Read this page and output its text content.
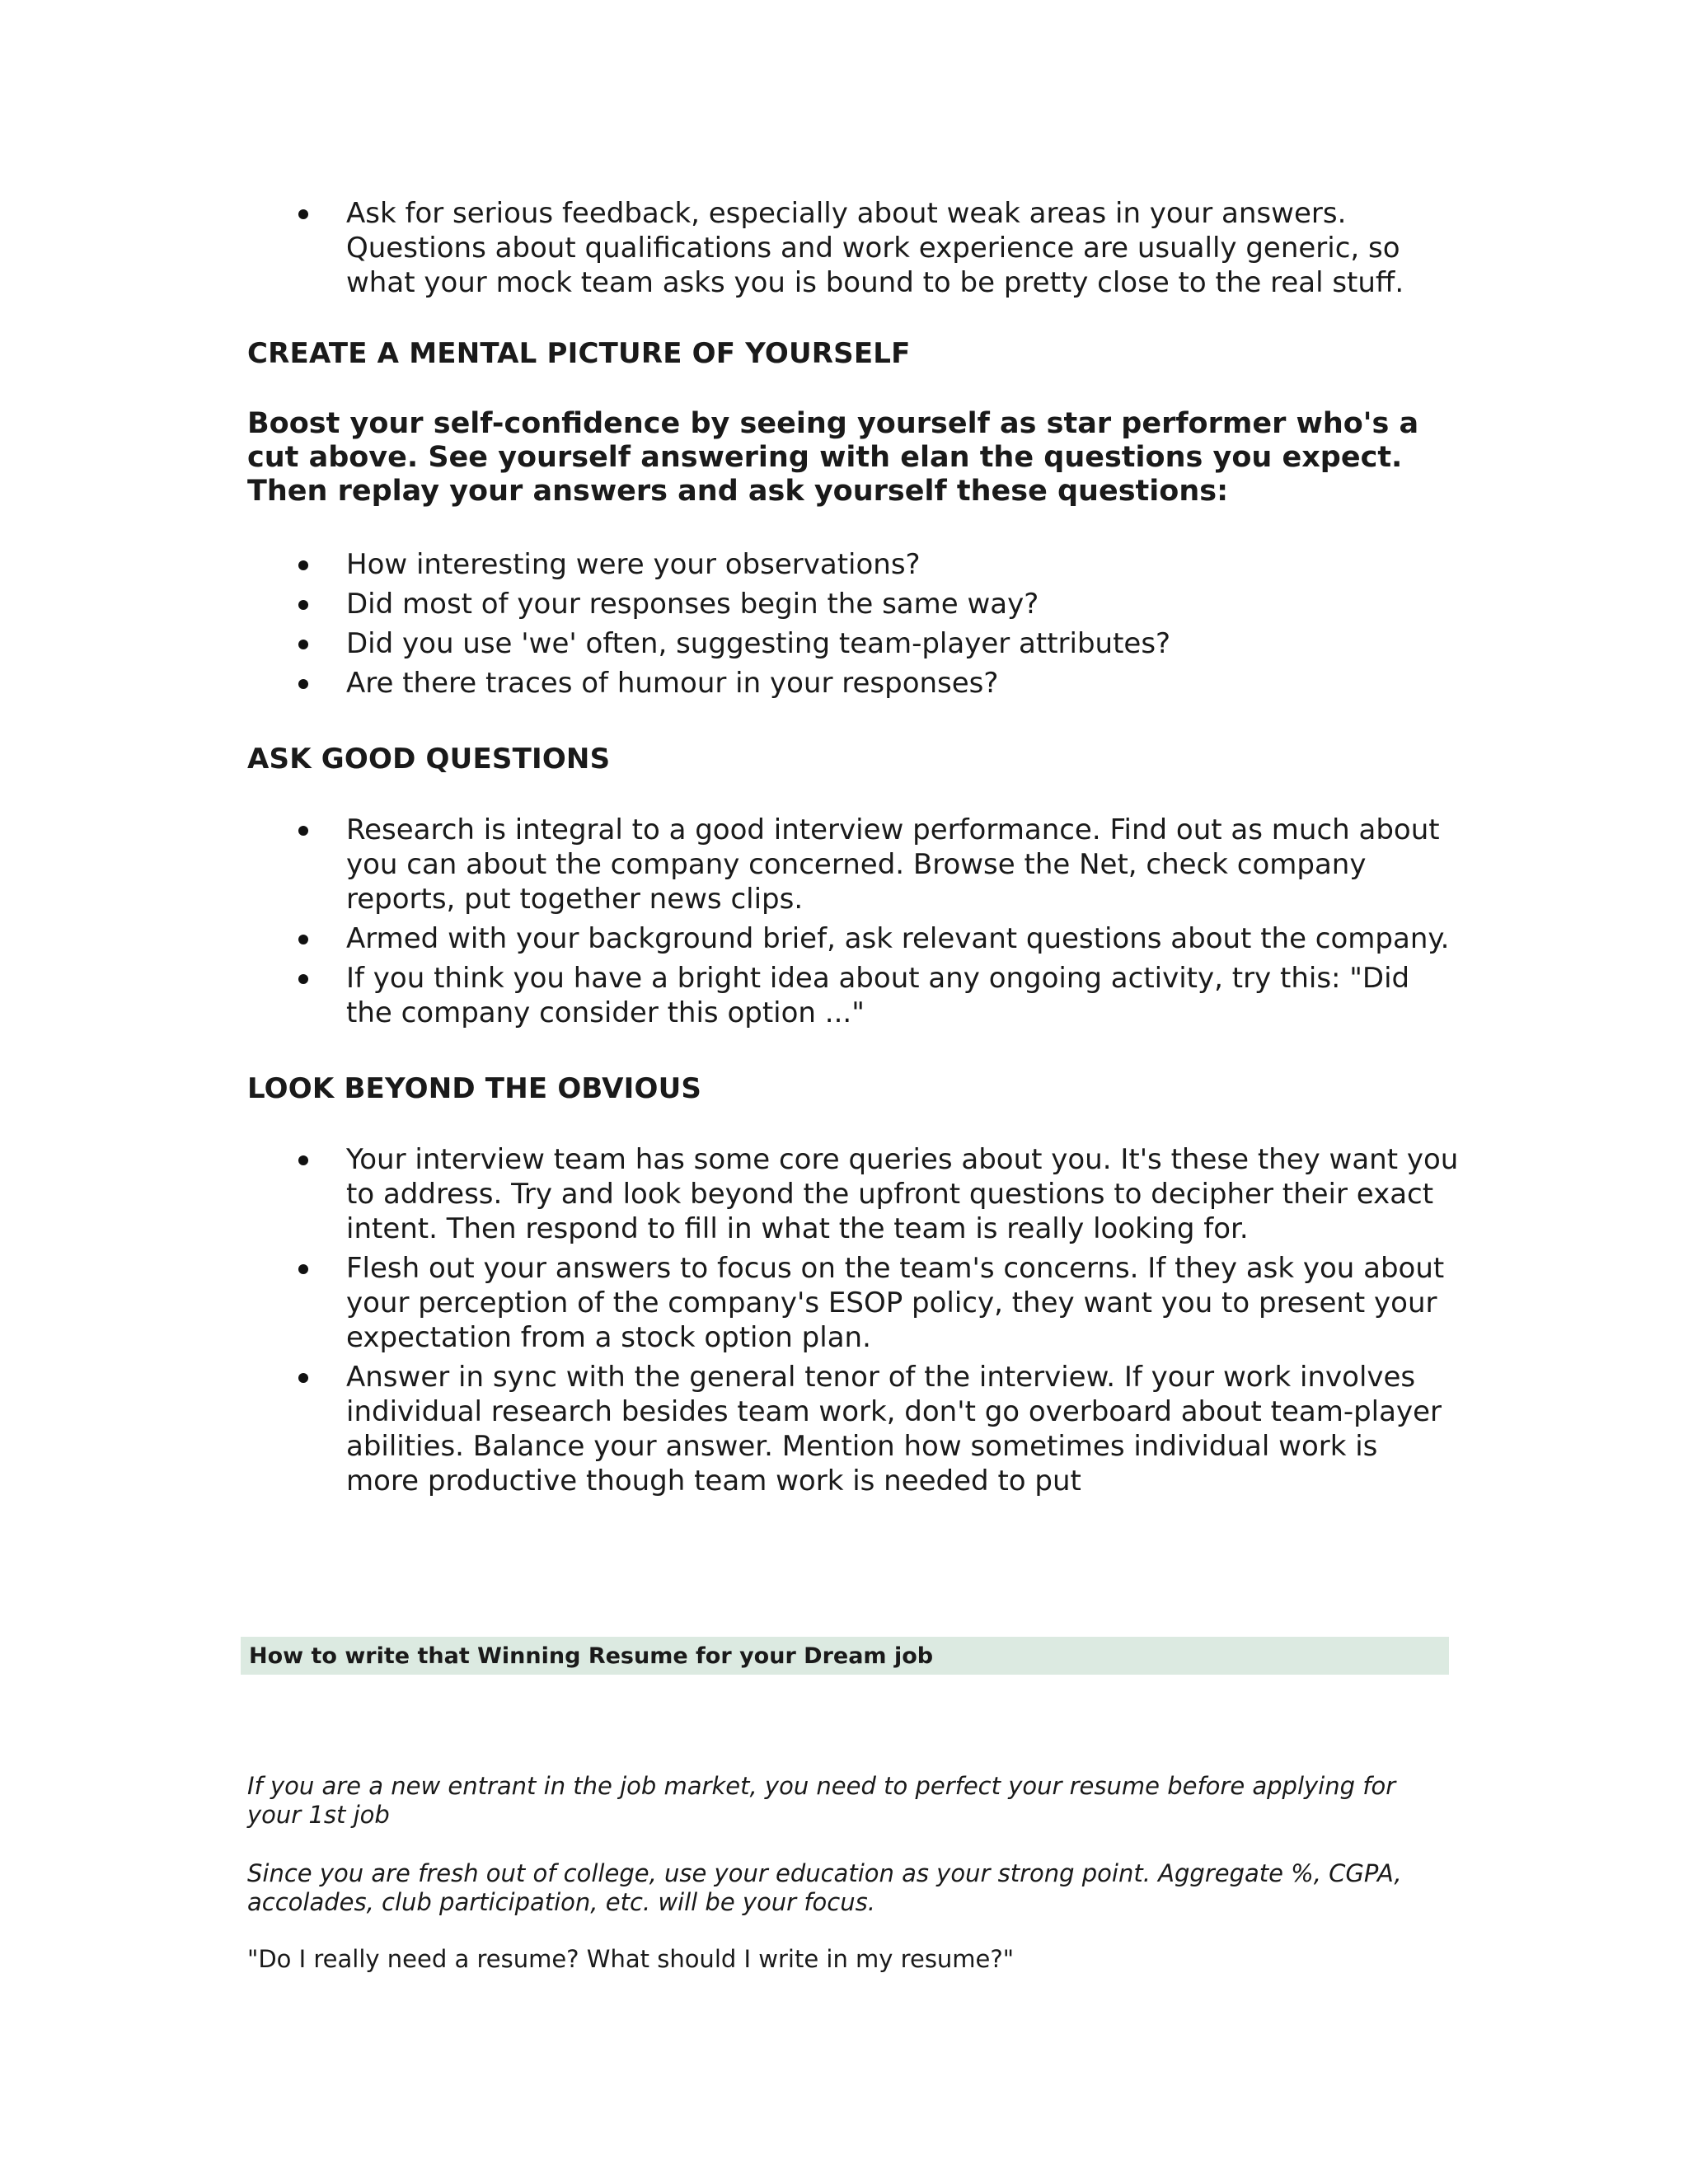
Ask for serious feedback, especially about weak areas in your answers. Questions about qualifications and work experience are usually generic, so what your mock team asks you is bound to be pretty close to the real stuff.
CREATE A MENTAL PICTURE OF YOURSELF

Boost your self-confidence by seeing yourself as star performer who's a cut above. See yourself answering with elan the questions you expect. Then replay your answers and ask yourself these questions:

How interesting were your observations?
Did most of your responses begin the same way?
Did you use 'we' often, suggesting team-player attributes?
Are there traces of humour in your responses?
ASK GOOD QUESTIONS
Research is integral to a good interview performance. Find out as much about you can about the company concerned. Browse the Net, check company reports, put together news clips.
Armed with your background brief, ask relevant questions about the company.
If you think you have a bright idea about any ongoing activity, try this: "Did the company consider this option ..."
LOOK BEYOND THE OBVIOUS
Your interview team has some core queries about you. It's these they want you to address. Try and look beyond the upfront questions to decipher their exact intent. Then respond to fill in what the team is really looking for.
Flesh out your answers to focus on the team's concerns. If they ask you about your perception of the company's ESOP policy, they want you to present your expectation from a stock option plan.
Answer in sync with the general tenor of the interview. If your work involves individual research besides team work, don't go overboard about team-player abilities. Balance your answer. Mention how sometimes individual work is more productive though team work is needed to put
How to write that Winning Resume for your Dream job

If you are a new entrant in the job market, you need to perfect your resume before applying for your 1st job

Since you are fresh out of college, use your education as your strong point. Aggregate %, CGPA, accolades, club participation, etc. will be your focus.

"Do I really need a resume? What should I write in my resume?"
